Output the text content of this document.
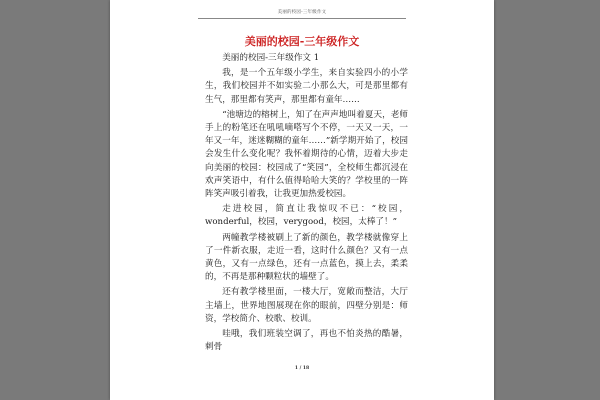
美丽的校园-三年级作文
美丽的校园-三年级作文

美丽的校园-三年级作文 1

我，是一个五年级小学生，来自实验四小的小学生，我们校园并不如实验二小那么大，可是那里都有生气，那里都有笑声，那里都有童年……

“池塘边的榕树上，知了在声声地叫着夏天，老师手上的粉笔还在吼吼嘀嗒写个不停，一天又一天，一年又一年，迷迷糊糊的童年……”新学期开始了，校园会发生什么变化呢？我怀着期待的心情，迈着大步走向美丽的校园：校园成了“笑园”，全校师生都沉浸在欢声笑语中，有什么值得哈哈大笑的？学校里的一阵阵笑声吸引着我，让我更加热爱校园。

走进校园，简直让我惊叹不已：“校园，wonderful，校园，verygood，校园，太棒了！”

两幢教学楼被刷上了新的颜色，教学楼就像穿上了一件新衣服，走近一看，这时什么颜色？又有一点黄色，又有一点绿色，还有一点蓝色，摸上去，柔柔的，不再是那种颗粒状的墙壁了。

还有教学楼里面，一楼大厅，宽敞而整洁，大厅主墙上，世界地图展现在你的眼前，四壁分别是：师资，学校简介、校歌、校训。

哇哦，我们班装空调了，再也不怕炎热的酷暑，刺骨

1 / 18
